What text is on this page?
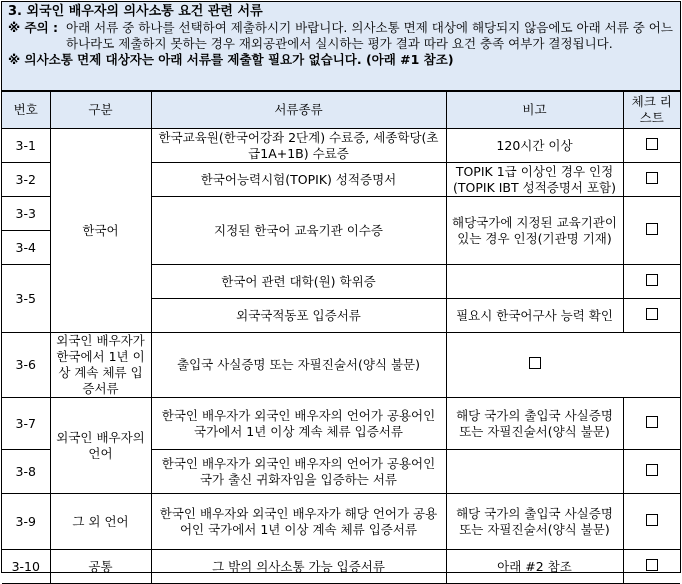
3. 외국인 배우자의 의사소통 요건 관련 서류
※ 주의 : 아래 서류 중 하나를 선택하여 제출하시기 바랍니다. 의사소통 면제 대상에 해당되지 않음에도 아래 서류 중 어느 하나라도 제출하지 못하는 경우 재외공관에서 실시하는 평가 결과 따라 요건 충족 여부가 결정됩니다.
※ 의사소통 면제 대상자는 아래 서류를 제출할 필요가 없습니다. (아래 #1 참조)
번호	구분	서류종류	비고	체크 리스트
3-1	한국어	한국교육원(한국어강좌 2단계) 수료증, 세종학당(초급1A+1B) 수료증	120시간 이상	
3-2		한국어능력시험(TOPIK) 성적증명서	TOPIK 1급 이상인 경우 인정 (TOPIK IBT 성적증명서 포함)	
3-3		지정된 한국어 교육기관 이수증	해당국가에 지정된 교육기관이 있는 경우 인정(기관명 기재)	
3-4				
3-5		한국어 관련 대학(원) 학위증		
		외국국적동포 입증서류	필요시 한국어구사 능력 확인	
3-6	외국인 배우자가 한국에서 1년 이상 계속 체류 입증서류	출입국 사실증명 또는 자필진술서(양식 불문)		
3-7	외국인 배우자의 언어	한국인 배우자가 외국인 배우자의 언어가 공용어인 국가에서 1년 이상 계속 체류 입증서류	해당 국가의 출입국 사실증명 또는 자필진술서(양식 불문)	
3-8		한국인 배우자가 외국인 배우자의 언어가 공용어인 국가 출신 귀화자임을 입증하는 서류		
3-9	그 외 언어	한국인 배우자와 외국인 배우자가 해당 언어가 공용어인 국가에서 1년 이상 계속 체류 입증서류	해당 국가의 출입국 사실증명 또는 자필진술서(양식 불문)	
3-10	공통	그 밖의 의사소통 가능 입증서류	아래 #2 참조	
